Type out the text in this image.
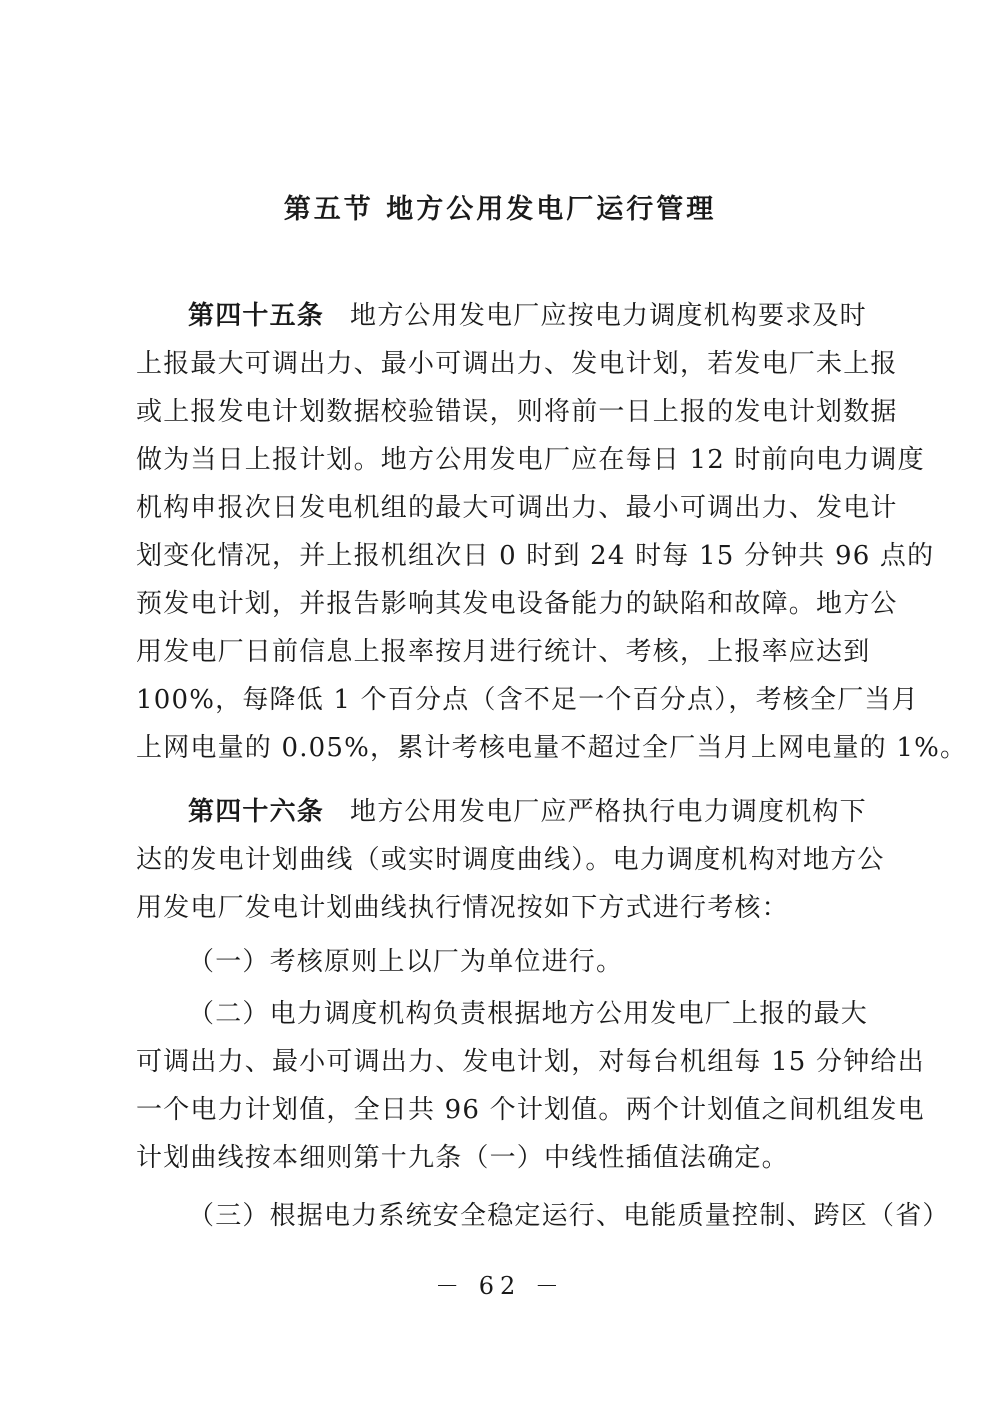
第五节 地方公用发电厂运行管理
第四十五条 地方公用发电厂应按电力调度机构要求及时
上报最大可调出力、最小可调出力、发电计划，若发电厂未上报
或上报发电计划数据校验错误，则将前一日上报的发电计划数据
做为当日上报计划。地方公用发电厂应在每日 12 时前向电力调度
机构申报次日发电机组的最大可调出力、最小可调出力、发电计
划变化情况，并上报机组次日 0 时到 24 时每 15 分钟共 96 点的
预发电计划，并报告影响其发电设备能力的缺陷和故障。地方公
用发电厂日前信息上报率按月进行统计、考核，上报率应达到
100%，每降低 1 个百分点（含不足一个百分点），考核全厂当月
上网电量的 0.05%，累计考核电量不超过全厂当月上网电量的 1%。
第四十六条 地方公用发电厂应严格执行电力调度机构下
达的发电计划曲线（或实时调度曲线）。电力调度机构对地方公
用发电厂发电计划曲线执行情况按如下方式进行考核：
（一）考核原则上以厂为单位进行。
（二）电力调度机构负责根据地方公用发电厂上报的最大
可调出力、最小可调出力、发电计划，对每台机组每 15 分钟给出
一个电力计划值，全日共 96 个计划值。两个计划值之间机组发电
计划曲线按本细则第十九条（一）中线性插值法确定。
（三）根据电力系统安全稳定运行、电能质量控制、跨区（省）
－ 62 －
